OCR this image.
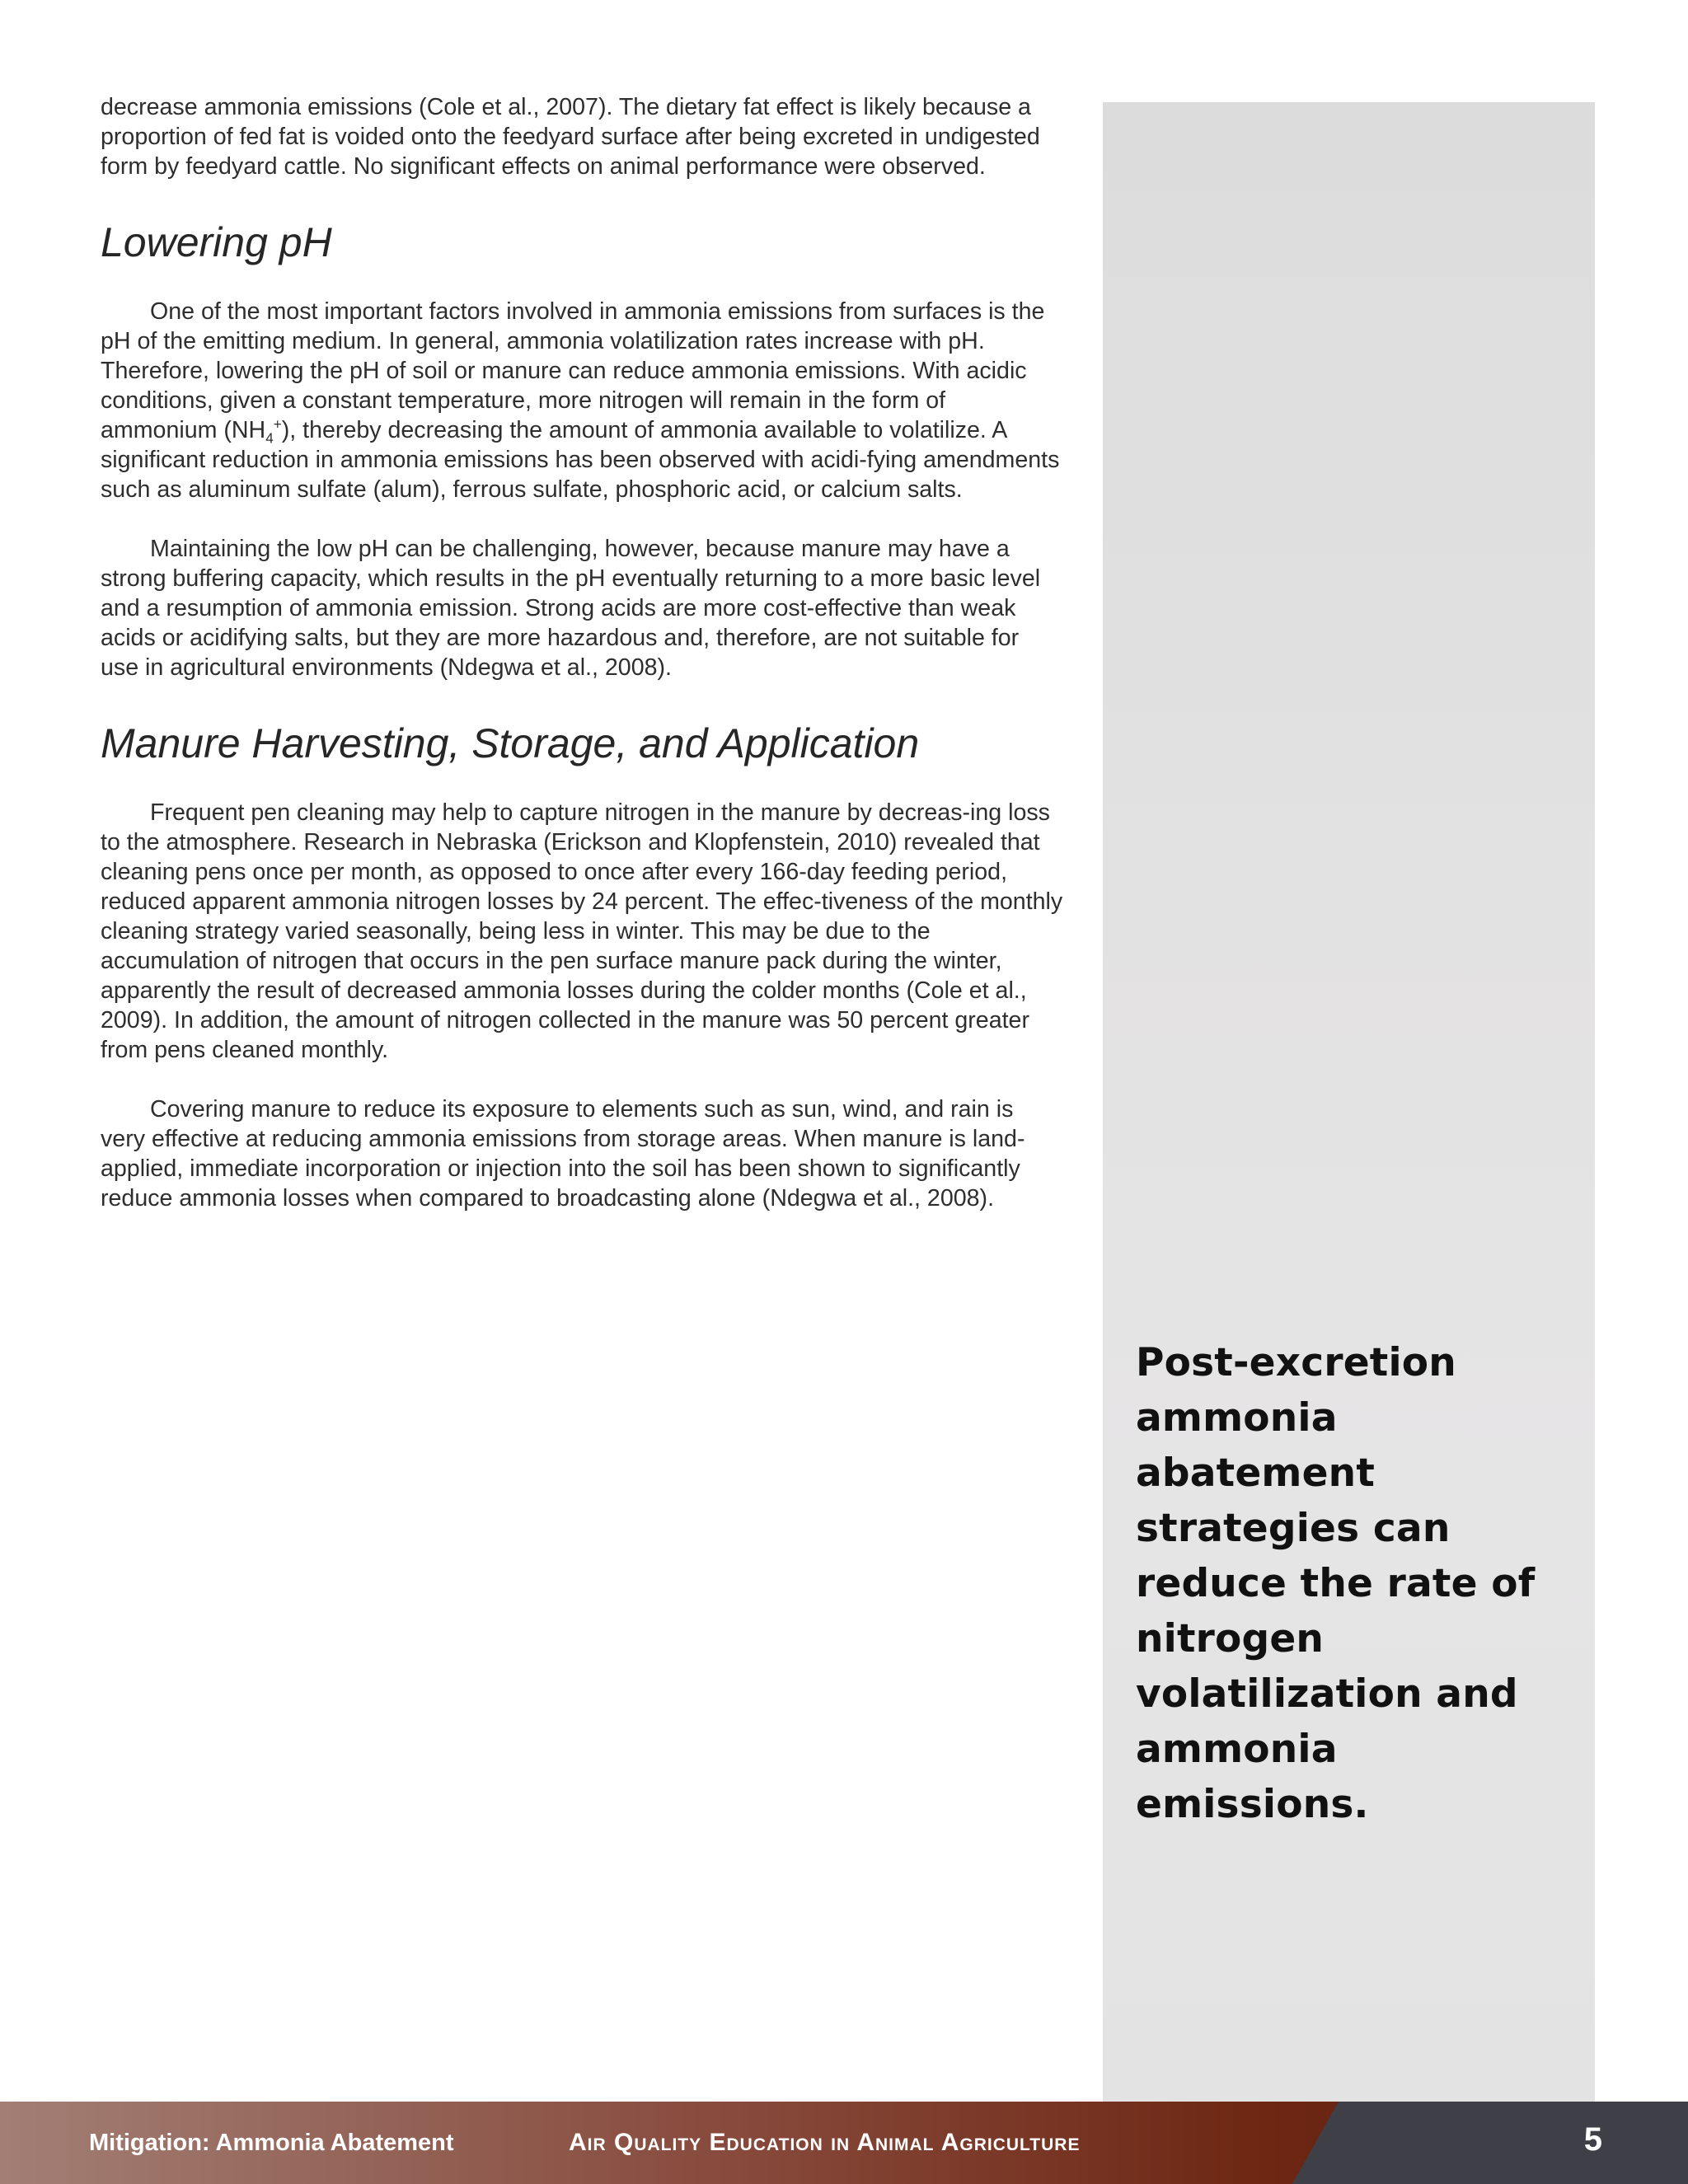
decrease ammonia emissions (Cole et al., 2007). The dietary fat effect is likely because a proportion of fed fat is voided onto the feedyard surface after being excreted in undigested form by feedyard cattle. No significant effects on animal performance were observed.

Lowering pH

One of the most important factors involved in ammonia emissions from surfaces is the pH of the emitting medium. In general, ammonia volatilization rates increase with pH. Therefore, lowering the pH of soil or manure can reduce ammonia emissions. With acidic conditions, given a constant temperature, more nitrogen will remain in the form of ammonium $(NH_4^+)$, thereby decreasing the amount of ammonia available to volatilize. A significant reduction in ammonia emissions has been observed with acidi-fying amendments such as aluminum sulfate (alum), ferrous sulfate, phosphoric acid, or calcium salts.

Maintaining the low pH can be challenging, however, because manure may have a strong buffering capacity, which results in the pH eventually returning to a more basic level and a resumption of ammonia emission. Strong acids are more cost-effective than weak acids or acidifying salts, but they are more hazardous and, therefore, are not suitable for use in agricultural environments (Ndegwa et al., 2008).

Manure Harvesting, Storage, and Application

Frequent pen cleaning may help to capture nitrogen in the manure by decreas-ing loss to the atmosphere. Research in Nebraska (Erickson and Klopfenstein, 2010) revealed that cleaning pens once per month, as opposed to once after every 166-day feeding period, reduced apparent ammonia nitrogen losses by 24 percent. The effec-tiveness of the monthly cleaning strategy varied seasonally, being less in winter. This may be due to the accumulation of nitrogen that occurs in the pen surface manure pack during the winter, apparently the result of decreased ammonia losses during the colder months (Cole et al., 2009). In addition, the amount of nitrogen collected in the manure was 50 percent greater from pens cleaned monthly.

Covering manure to reduce its exposure to elements such as sun, wind, and rain is very effective at reducing ammonia emissions from storage areas. When manure is land-applied, immediate incorporation or injection into the soil has been shown to significantly reduce ammonia losses when compared to broadcasting alone (Ndegwa et al., 2008).

Post-excretion ammonia abatement strategies can reduce the rate of nitrogen volatilization and ammonia emissions.

Mitigation: Ammonia Abatement	Air Quality Education in Animal Agriculture	5
